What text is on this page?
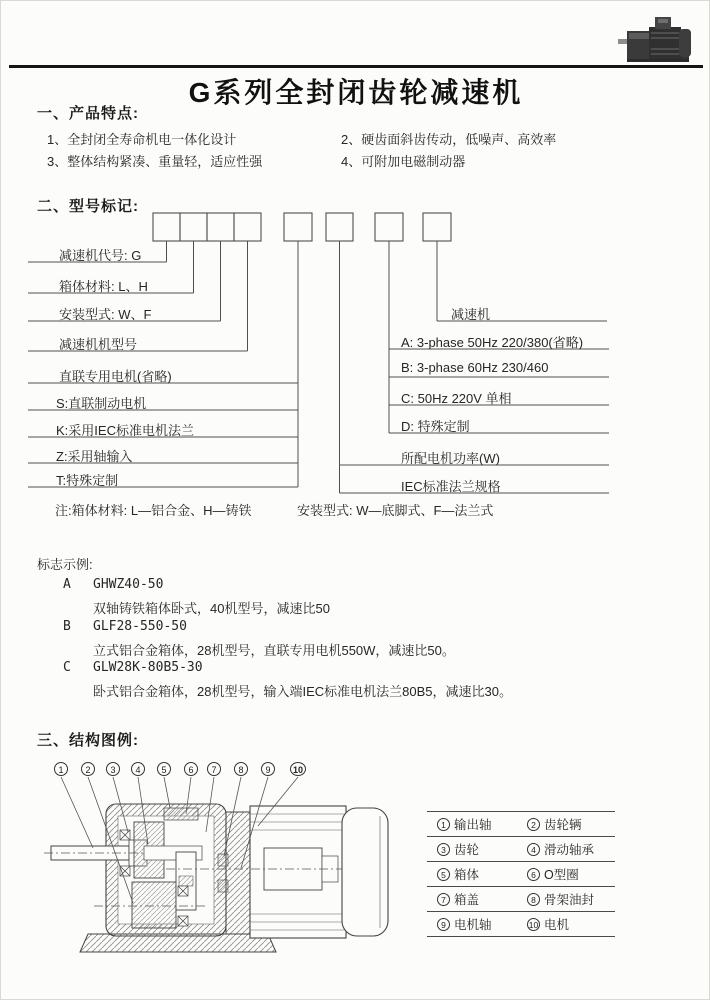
G系列全封闭齿轮减速机
一、产品特点:
1、全封闭全寿命机电一体化设计	2、硬齿面斜齿传动，低噪声、高效率
3、整体结构紧凑、重量轻，适应性强	4、可附加电磁制动器
二、型号标记:
减速机代号: G
箱体材料: L、H
安装型式: W、F
减速机机型号
直联专用电机(省略)
S:直联制动电机
K:采用IEC标准电机法兰
Z:采用轴输入
T:特殊定制
减速机
A: 3-phase 50Hz 220/380(省略)
B: 3-phase 60Hz 230/460
C: 50Hz 220V 单相
D: 特殊定制
所配电机功率(W)
IEC标准法兰规格
注:箱体材料: L—铝合金、H—铸铁	安装型式: W—底脚式、F—法兰式
标志示例:
A GHWZ40-50
双轴铸铁箱体卧式，40机型号，减速比50
B GLF28-550-50
立式铝合金箱体，28机型号，直联专用电机550W，减速比50。
C GLW28K-80B5-30
卧式铝合金箱体，28机型号，输入端IEC标准电机法兰80B5，减速比30。
三、结构图例:
1	2	3	4	5	6	7	8	9	10
1 输出轴	2 齿轮辆
3 齿轮	4 滑动轴承
5 箱体	6 O型圈
7 箱盖	8 骨架油封
9 电机轴	10 电机
